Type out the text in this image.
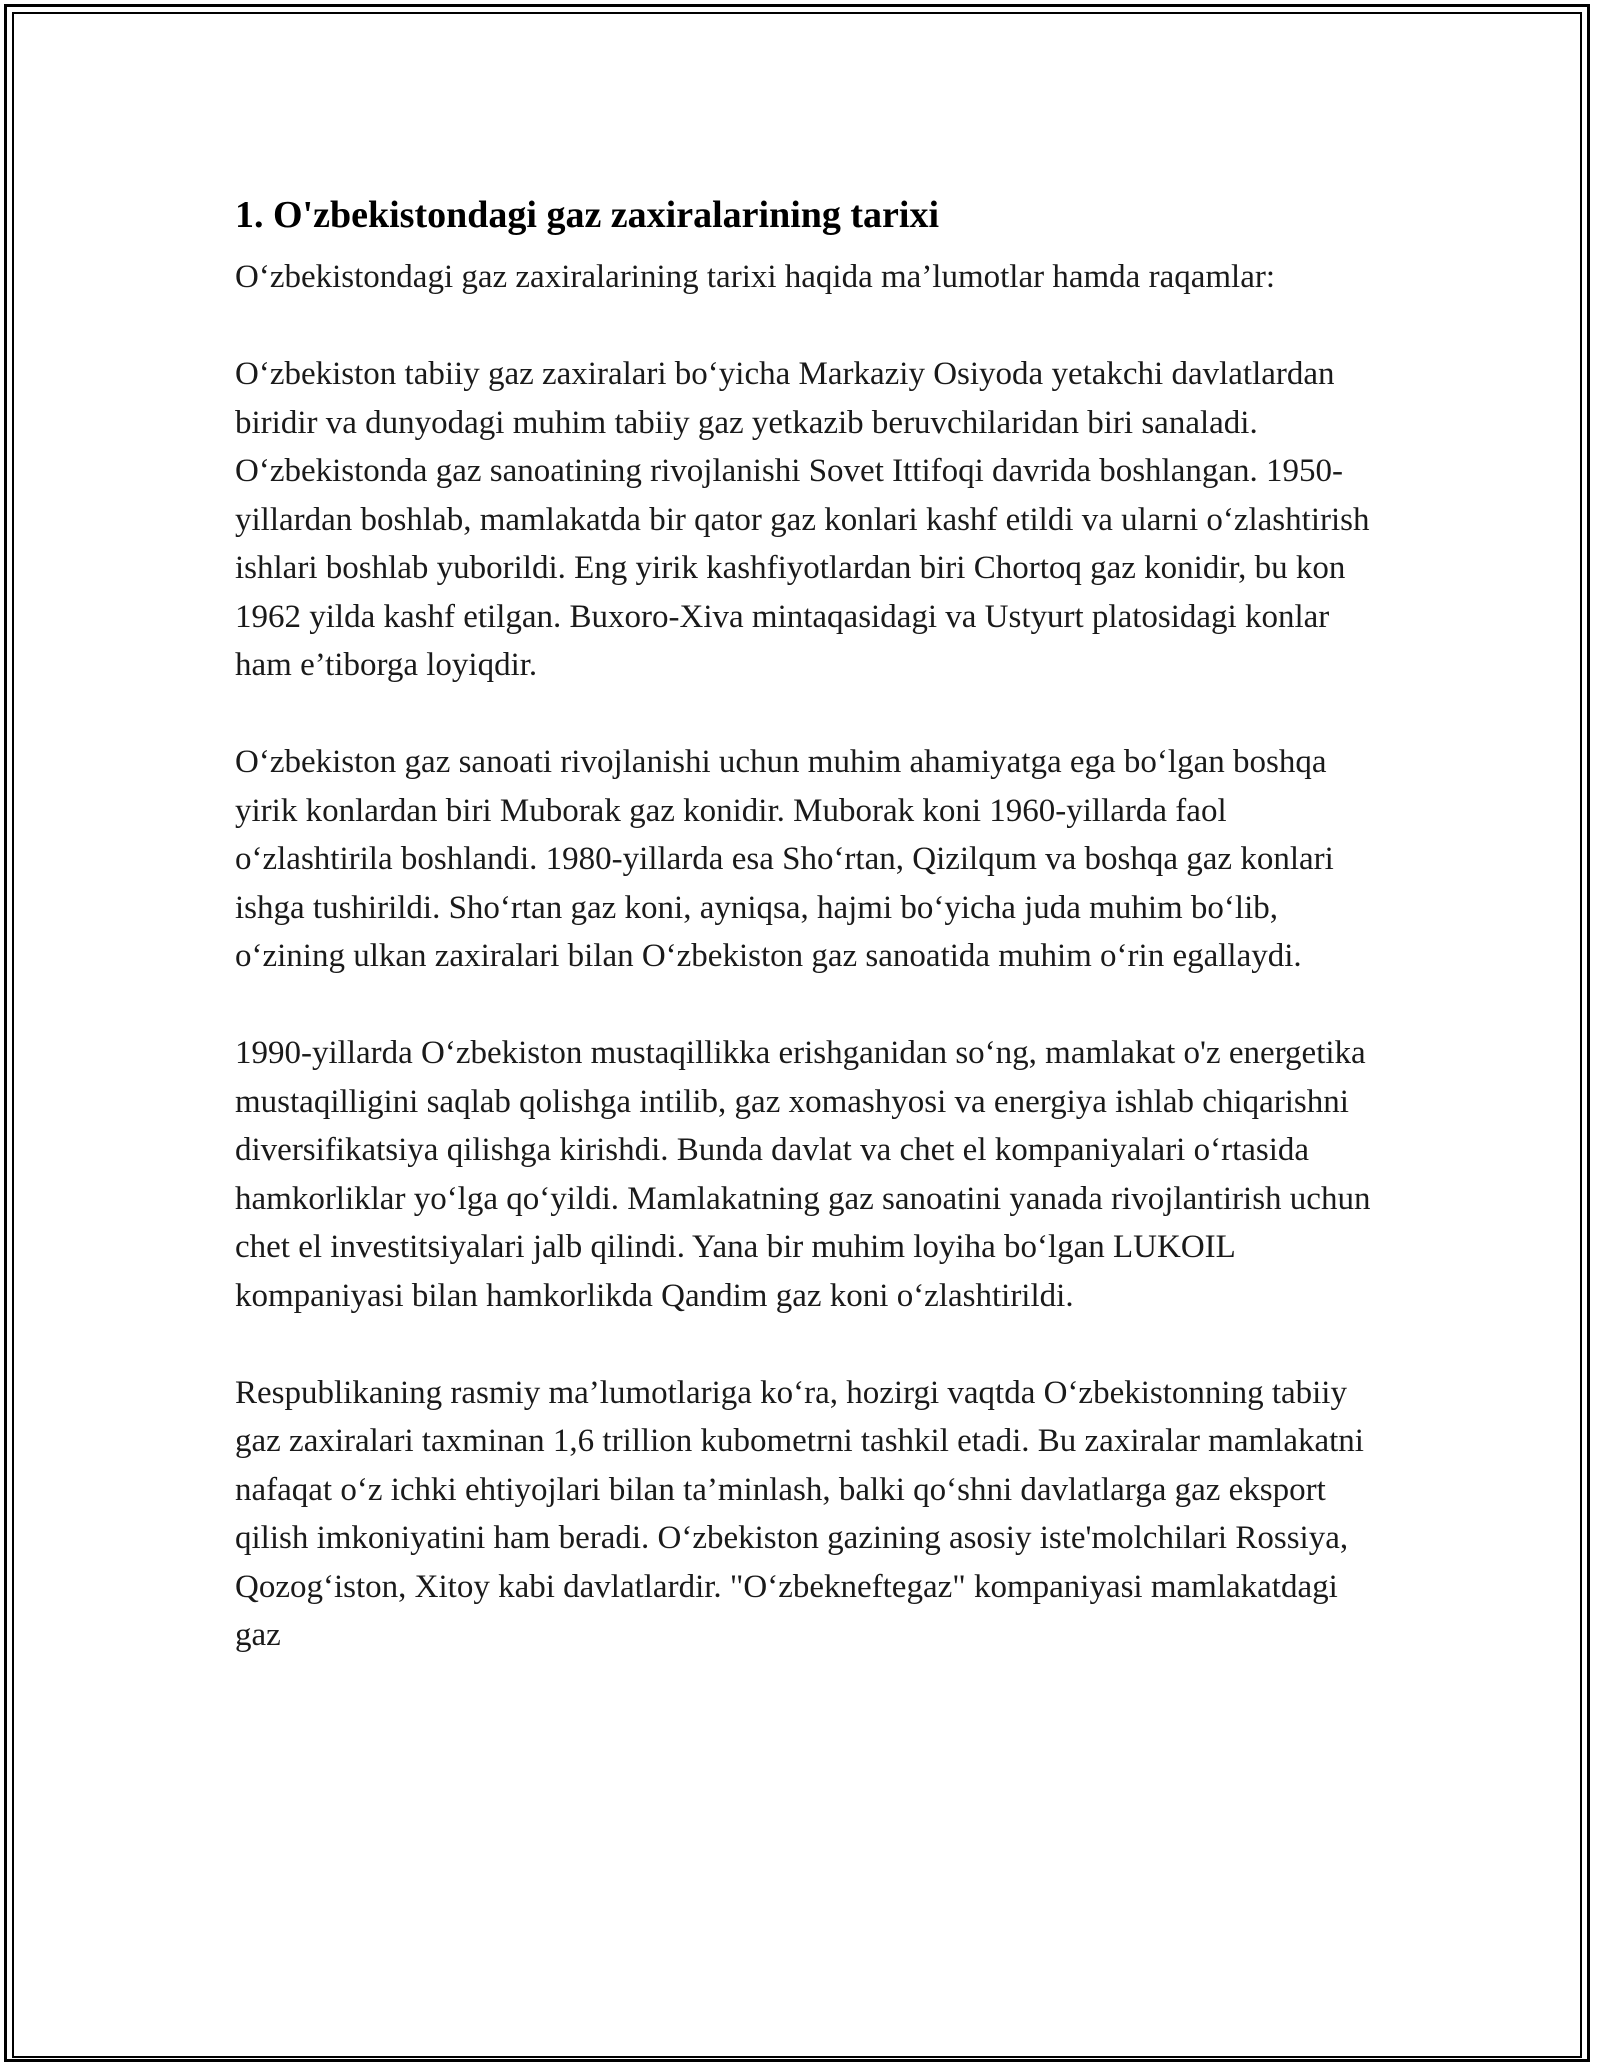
1. O'zbekistondagi gaz zaxiralarining tarixi

O‘zbekistondagi gaz zaxiralarining tarixi haqida ma’lumotlar hamda raqamlar:

O‘zbekiston tabiiy gaz zaxiralari bo‘yicha Markaziy Osiyoda yetakchi davlatlardan biridir va dunyodagi muhim tabiiy gaz yetkazib beruvchilaridan biri sanaladi. O‘zbekistonda gaz sanoatining rivojlanishi Sovet Ittifoqi davrida boshlangan. 1950-yillardan boshlab, mamlakatda bir qator gaz konlari kashf etildi va ularni o‘zlashtirish ishlari boshlab yuborildi. Eng yirik kashfiyotlardan biri Chortoq gaz konidir, bu kon 1962 yilda kashf etilgan. Buxoro-Xiva mintaqasidagi va Ustyurt platosidagi konlar ham e’tiborga loyiqdir.

O‘zbekiston gaz sanoati rivojlanishi uchun muhim ahamiyatga ega bo‘lgan boshqa yirik konlardan biri Muborak gaz konidir. Muborak koni 1960-yillarda faol o‘zlashtirila boshlandi. 1980-yillarda esa Sho‘rtan, Qizilqum va boshqa gaz konlari ishga tushirildi. Sho‘rtan gaz koni, ayniqsa, hajmi bo‘yicha juda muhim bo‘lib, o‘zining ulkan zaxiralari bilan O‘zbekiston gaz sanoatida muhim o‘rin egallaydi.

1990-yillarda O‘zbekiston mustaqillikka erishganidan so‘ng, mamlakat o'z energetika mustaqilligini saqlab qolishga intilib, gaz xomashyosi va energiya ishlab chiqarishni diversifikatsiya qilishga kirishdi. Bunda davlat va chet el kompaniyalari o‘rtasida hamkorliklar yo‘lga qo‘yildi. Mamlakatning gaz sanoatini yanada rivojlantirish uchun chet el investitsiyalari jalb qilindi. Yana bir muhim loyiha bo‘lgan LUKOIL kompaniyasi bilan hamkorlikda Qandim gaz koni o‘zlashtirildi.

Respublikaning rasmiy ma’lumotlariga ko‘ra, hozirgi vaqtda O‘zbekistonning tabiiy gaz zaxiralari taxminan 1,6 trillion kubometrni tashkil etadi. Bu zaxiralar mamlakatni nafaqat o‘z ichki ehtiyojlari bilan ta’minlash, balki qo‘shni davlatlarga gaz eksport qilish imkoniyatini ham beradi. O‘zbekiston gazining asosiy iste'molchilari Rossiya, Qozog‘iston, Xitoy kabi davlatlardir. "O‘zbekneftegaz" kompaniyasi mamlakatdagi gaz
